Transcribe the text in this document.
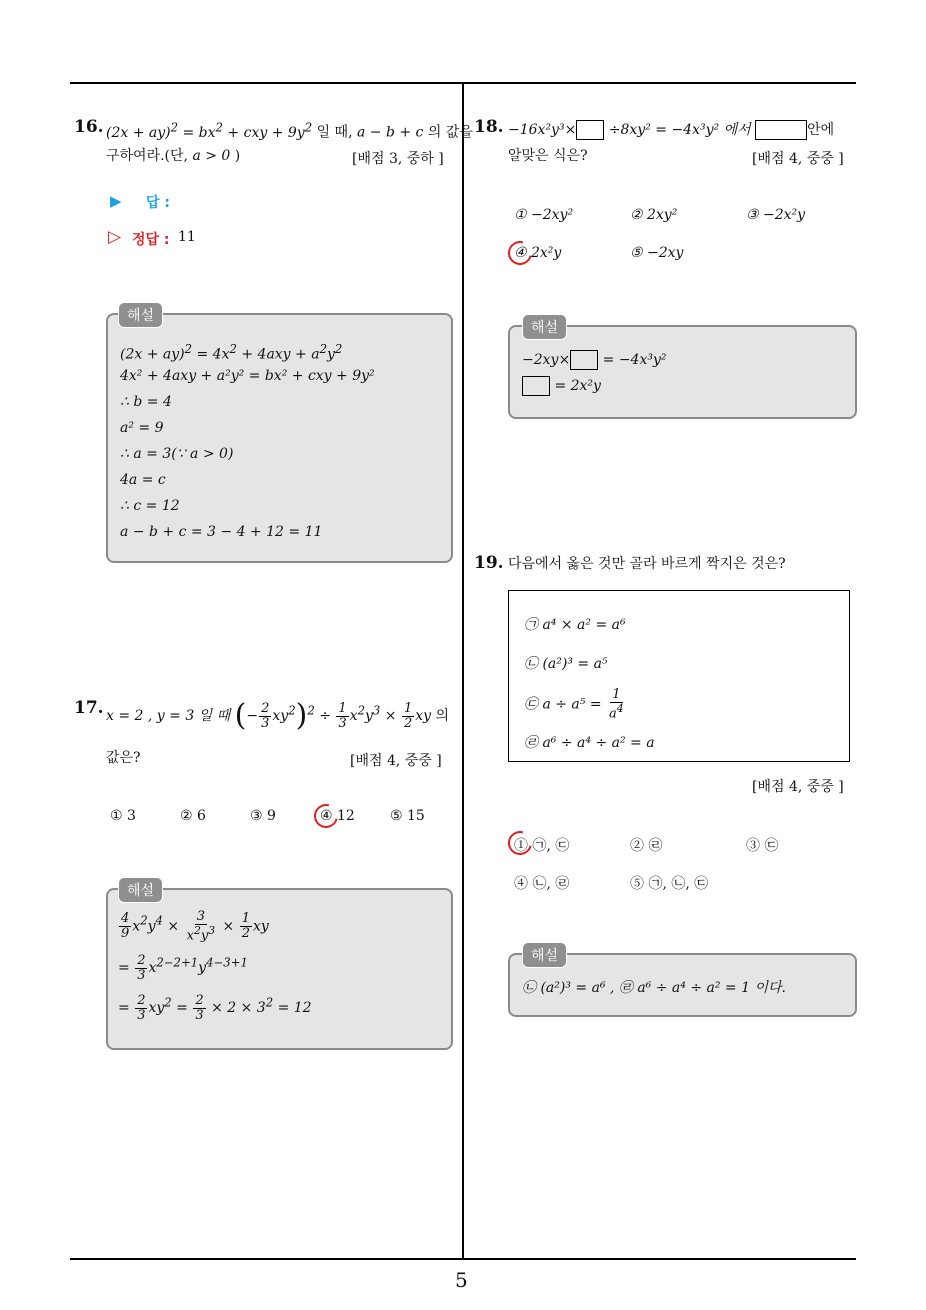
16. $(2x + ay)^2 = bx^2$ + cxy + $9y^2$ 일 때, a − b + c 의 값을
구하여라.(단, a > 0 )	[배점 3, 중하 ]
▶ 답 :
▷ 정답 : 11
해설
$(2x + ay)^2 = 4x^2 + 4axy + a^2y^2$
4x² + 4axy + a²y² = bx² + cxy + 9y²
∴ b = 4
a² = 9
∴ a = 3(∵ a > 0)
4a = c
∴ c = 12
a − b + c = 3 − 4 + 12 = 11
17. x = 2 , y = 3 일 때 (− $\frac{2}{3} xy^2)^2 \div \frac{1}{3} x^2y^3 \times \frac{1}{2}$ xy 의
값은?	[배점 4, 중중 ]
① 3	② 6	③ 9	④ 12	⑤ 15
해설
$\frac{4}{9} x^2y^4 \times \frac{3}{x^2y^3} \times \frac{1}{2}$ xy
= $\frac{2}{3} x^{2-2+1}y^{4-3+1}$
= $\frac{2}{3} xy^2 = \frac{2}{3} \times 2 \times 3^2 = 12$
18. −16x²y³× ÷8xy² = −4x³y² 에서	안에
알맞은 식은?	[배점 4, 중중 ]
① −2xy²	② 2xy²	③ −2x²y
④ 2x²y	⑤ −2xy
해설
−2xy× = −4x³y²
= 2x²y
19. 다음에서 옳은 것만 골라 바르게 짝지은 것은?
㉠ a⁴ × a² = a⁶
㉡ (a²)³ = a⁵
㉢ $a \div a^5 = \frac{1}{a^4}$
㉣ a⁶ ÷ a⁴ ÷ a² = a
[배점 4, 중중 ]
① ㉠, ㉢	② ㉣	③ ㉢
④ ㉡, ㉣	⑤ ㉠, ㉡, ㉢
해설
㉡ (a²)³ = a⁶ , ㉣ a⁶ ÷ a⁴ ÷ a² = 1 이다.
5
